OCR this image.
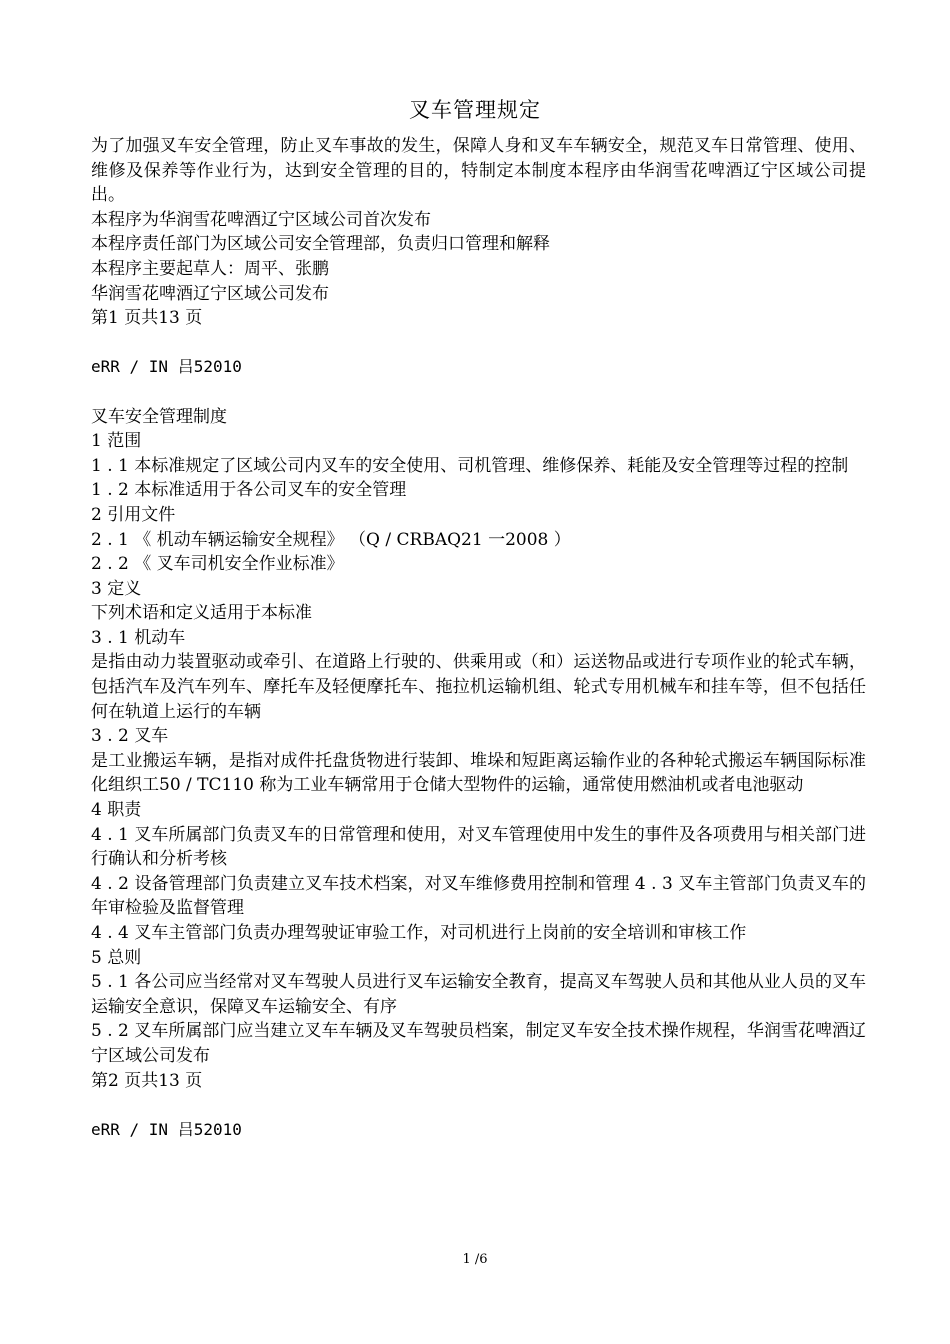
叉车管理规定

为了加强叉车安全管理，防止叉车事故的发生，保障人身和叉车车辆安全，规范叉车日常管理、使用、维修及保养等作业行为，达到安全管理的目的，特制定本制度本程序由华润雪花啤酒辽宁区域公司提出。

本程序为华润雪花啤酒辽宁区域公司首次发布

本程序责任部门为区域公司安全管理部，负责归口管理和解释

本程序主要起草人：周平、张鹏

华润雪花啤酒辽宁区域公司发布

第1 页共13 页

eRR / IN 吕52010

叉车安全管理制度

1 范围

1 . 1 本标准规定了区域公司内叉车的安全使用、司机管理、维修保养、耗能及安全管理等过程的控制

1 . 2 本标准适用于各公司叉车的安全管理

2 引用文件

2 . 1 《 机动车辆运输安全规程》 （Q / CRBAQ21 一2008 ）

2 . 2 《 叉车司机安全作业标准》

3 定义

下列术语和定义适用于本标准

3 . 1 机动车

是指由动力装置驱动或牵引、在道路上行驶的、供乘用或（和）运送物品或进行专项作业的轮式车辆，包括汽车及汽车列车、摩托车及轻便摩托车、拖拉机运输机组、轮式专用机械车和挂车等，但不包括任何在轨道上运行的车辆

3 . 2 叉车

是工业搬运车辆，是指对成件托盘货物进行装卸、堆垛和短距离运输作业的各种轮式搬运车辆国际标准化组织工50 / TC110 称为工业车辆常用于仓储大型物件的运输，通常使用燃油机或者电池驱动

4 职责

4 . 1 叉车所属部门负责叉车的日常管理和使用，对叉车管理使用中发生的事件及各项费用与相关部门进行确认和分析考核

4 . 2 设备管理部门负责建立叉车技术档案，对叉车维修费用控制和管理 4 . 3 叉车主管部门负责叉车的年审检验及监督管理

4 . 4 叉车主管部门负责办理驾驶证审验工作，对司机进行上岗前的安全培训和审核工作

5 总则

5 . 1 各公司应当经常对叉车驾驶人员进行叉车运输安全教育，提高叉车驾驶人员和其他从业人员的叉车运输安全意识，保障叉车运输安全、有序

5 . 2 叉车所属部门应当建立叉车车辆及叉车驾驶员档案，制定叉车安全技术操作规程，华润雪花啤酒辽宁区域公司发布

第2 页共13 页

eRR / IN 吕52010

1 /6
